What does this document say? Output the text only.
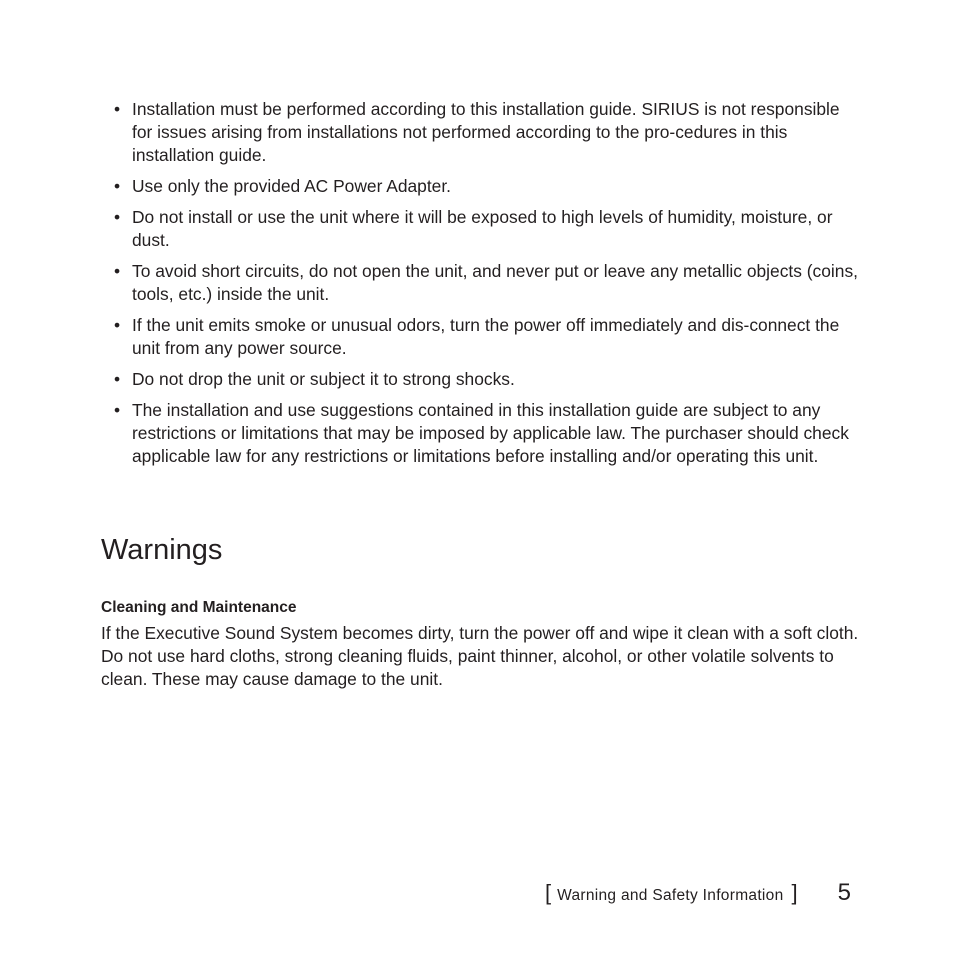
• Installation must be performed according to this installation guide. SIRIUS is not responsible for issues arising from installations not performed according to the pro-cedures in this installation guide.
• Use only the provided AC Power Adapter.
• Do not install or use the unit where it will be exposed to high levels of humidity, moisture, or dust.
• To avoid short circuits, do not open the unit, and never put or leave any metallic objects (coins, tools, etc.) inside the unit.
• If the unit emits smoke or unusual odors, turn the power off immediately and dis-connect the unit from any power source.
• Do not drop the unit or subject it to strong shocks.
• The installation and use suggestions contained in this installation guide are subject to any restrictions or limitations that may be imposed by applicable law. The purchaser should check applicable law for any restrictions or limitations before installing and/or operating this unit.
Warnings
Cleaning and Maintenance

If the Executive Sound System becomes dirty, turn the power off and wipe it clean with a soft cloth. Do not use hard cloths, strong cleaning fluids, paint thinner, alcohol, or other volatile solvents to clean. These may cause damage to the unit.

[ Warning and Safety Information ] 5
